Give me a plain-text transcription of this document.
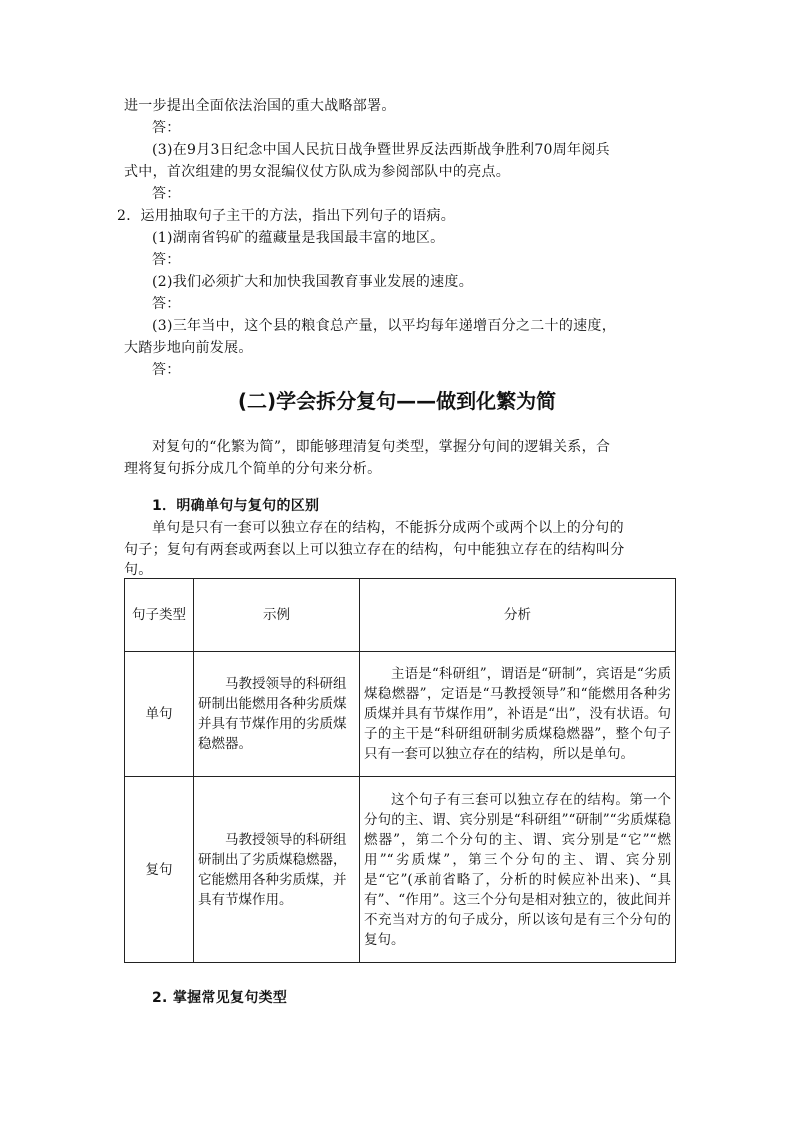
进一步提出全面依法治国的重大战略部署。
答：
(3)在9月3日纪念中国人民抗日战争暨世界反法西斯战争胜利70周年阅兵
式中，首次组建的男女混编仪仗方队成为参阅部队中的亮点。
答：
2．运用抽取句子主干的方法，指出下列句子的语病。
(1)湖南省钨矿的蕴藏量是我国最丰富的地区。
答：
(2)我们必须扩大和加快我国教育事业发展的速度。
答：
(3)三年当中，这个县的粮食总产量，以平均每年递增百分之二十的速度，
大踏步地向前发展。
答：
(二)学会拆分复句——做到化繁为简
对复句的“化繁为简”，即能够理清复句类型，掌握分句间的逻辑关系，合
理将复句拆分成几个简单的分句来分析。
1．明确单句与复句的区别
单句是只有一套可以独立存在的结构，不能拆分成两个或两个以上的分句的
句子；复句有两套或两套以上可以独立存在的结构，句中能独立存在的结构叫分
句。
句子类型	示例	分析
单句	马教授领导的科研组研制出能燃用各种劣质煤并具有节煤作用的劣质煤稳燃器。	主语是“科研组”，谓语是“研制”，宾语是“劣质煤稳燃器”，定语是“马教授领导”和“能燃用各种劣质煤并具有节煤作用”，补语是“出”，没有状语。句子的主干是“科研组研制劣质煤稳燃器”，整个句子只有一套可以独立存在的结构，所以是单句。
复句	马教授领导的科研组研制出了劣质煤稳燃器，它能燃用各种劣质煤，并具有节煤作用。	这个句子有三套可以独立存在的结构。第一个分句的主、谓、宾分别是“科研组”“研制”“劣质煤稳燃器”，第二个分句的主、谓、宾分别是“它”“燃用”“劣质煤”，第三个分句的主、谓、宾分别是“它”(承前省略了，分析的时候应补出来)、“具有”、“作用”。这三个分句是相对独立的，彼此间并不充当对方的句子成分，所以该句是有三个分句的复句。
2. 掌握常见复句类型
